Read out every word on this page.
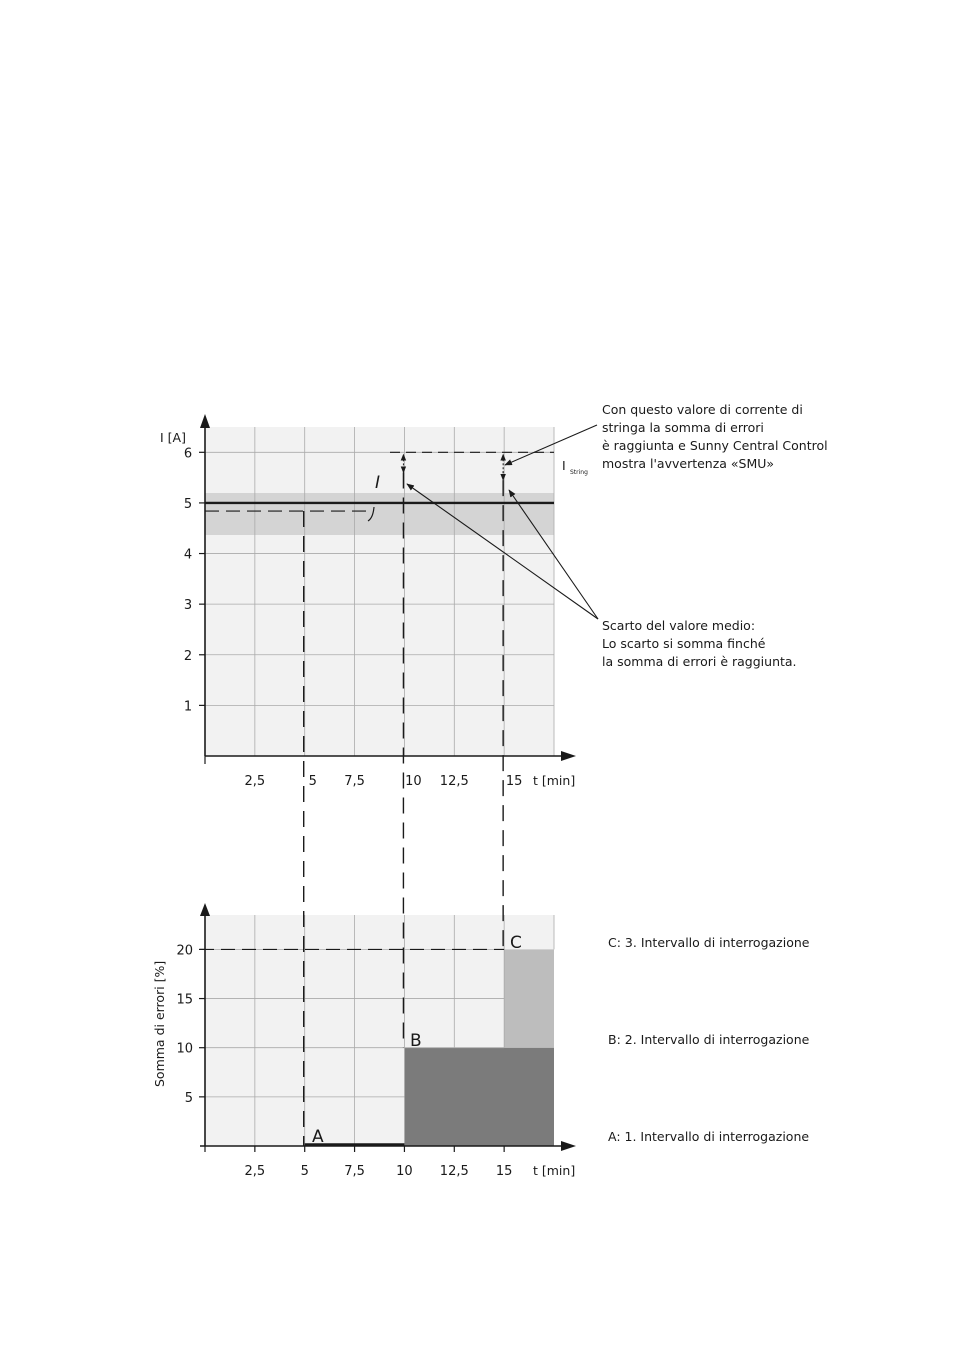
1
2
3
4
5
6
2,5	5 7,5	10 12,5	15
I [A]
t [min]
I String
I
Con questo valore di corrente di
stringa la somma di errori
è raggiunta e Sunny Central Control
mostra l'avvertenza «SMU»
Scarto del valore medio:
Lo scarto si somma finché
la somma di errori è raggiunta.
5
10
15
20
2,5	5	7,5 10 12,5 15
Somma di errori [%]
t [min]
A
B
C	C: 3. Intervallo di interrogazione
B: 2. Intervallo di interrogazione
A: 1. Intervallo di interrogazione
